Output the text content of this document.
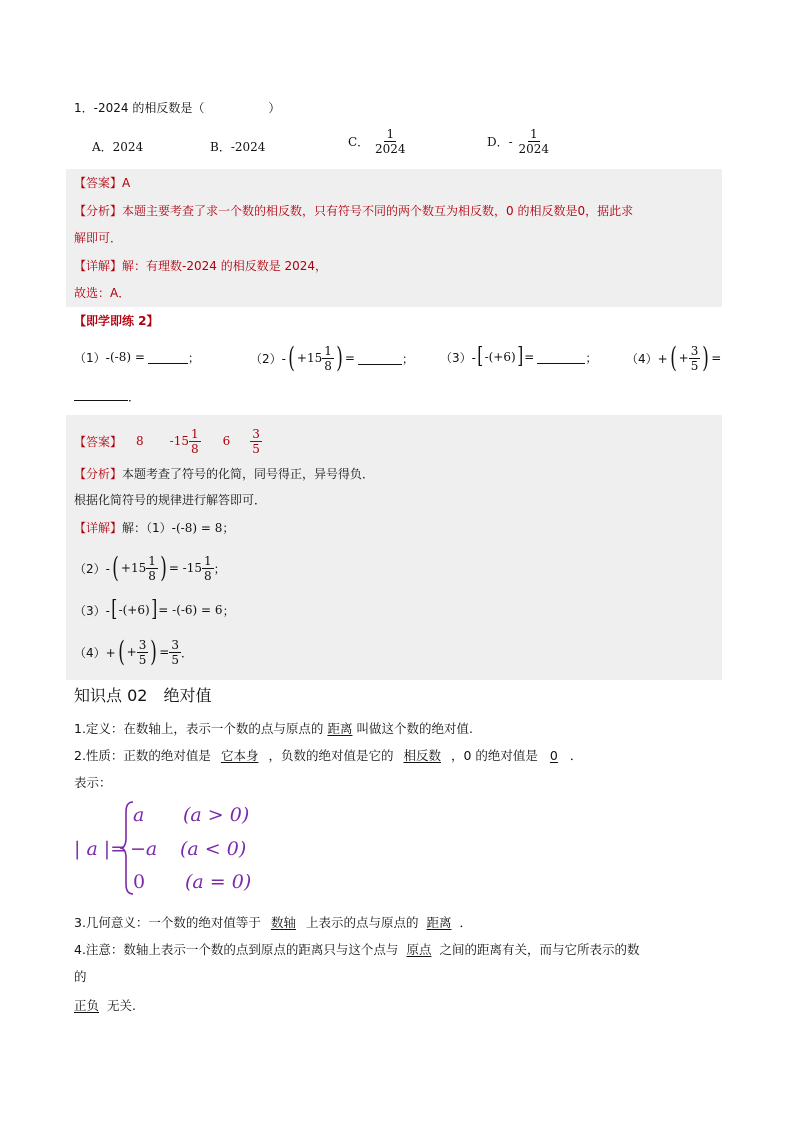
1．-2024 的相反数是（	）
A．2024	B．-2024	C． $\frac{1}{2024}$	D．- $\frac{1}{2024}$
【答案】A
【分析】本题主要考查了求一个数的相反数，只有符号不同的两个数互为相反数，0 的相反数是0，据此求
解即可．
【详解】解：有理数-2024 的相反数是 2024，
故选：A．
【即学即练 2】
（1）- (-8) =	；	（2）- ( $+15 \frac{1}{8}$ ) =	； （3）- [ -(+6) ] =	； （4）+ ( + $\frac{3}{5}$ ) =
．
【答案】 8 $-15 \frac{1}{8} 6 \frac{3}{5}$
【分析】本题考查了符号的化简，同号得正，异号得负．
根据化简符号的规律进行解答即可．
【详解】解：（1）-(-8) = 8；
（2）- ( $+15 \frac{1}{8}$ ) = $-15 \frac{1}{8}$ ；
（3）- [ -(+6) ] = -(-6) = 6 ；
（4）+ ( + $\frac{3}{5}$ ) = $\frac{3}{5}$ ．
知识点 02　绝对值
1.定义：在数轴上，表示一个数的点与原点的 距离 叫做这个数的绝对值.
2.性质：正数的绝对值是 它本身 ，负数的绝对值是它的 相反数 ，0 的绝对值是 0 ．
表示：
| a |=
a (a > 0)
−a (a < 0)
0 (a = 0)
3.几何意义：一个数的绝对值等于 数轴 上表示的点与原点的 距离 ．
4.注意：数轴上表示一个数的点到原点的距离只与这个点与 原点 之间的距离有关，而与它所表示的数
的
正负 无关.
